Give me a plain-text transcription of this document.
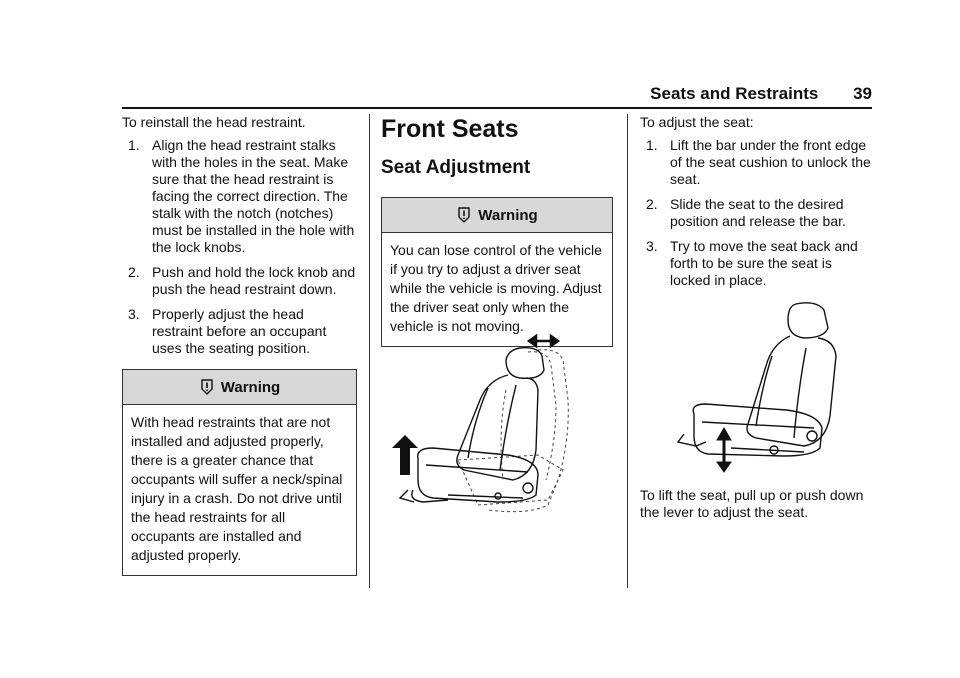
Seats and Restraints 39

To reinstall the head restraint.

1. Align the head restraint stalks with the holes in the seat. Make sure that the head restraint is facing the correct direction. The stalk with the notch (notches) must be installed in the hole with the lock knobs.
2. Push and hold the lock knob and push the head restraint down.
3. Properly adjust the head restraint before an occupant uses the seating position.
Warning
With head restraints that are not installed and adjusted properly, there is a greater chance that occupants will suffer a neck/spinal injury in a crash. Do not drive until the head restraints for all occupants are installed and adjusted properly.
Front Seats
Seat Adjustment
Warning
You can lose control of the vehicle if you try to adjust a driver seat while the vehicle is moving. Adjust the driver seat only when the vehicle is not moving.

To adjust the seat:

1. Lift the bar under the front edge of the seat cushion to unlock the seat.
2. Slide the seat to the desired position and release the bar.
3. Try to move the seat back and forth to be sure the seat is locked in place.

To lift the seat, pull up or push down the lever to adjust the seat.
